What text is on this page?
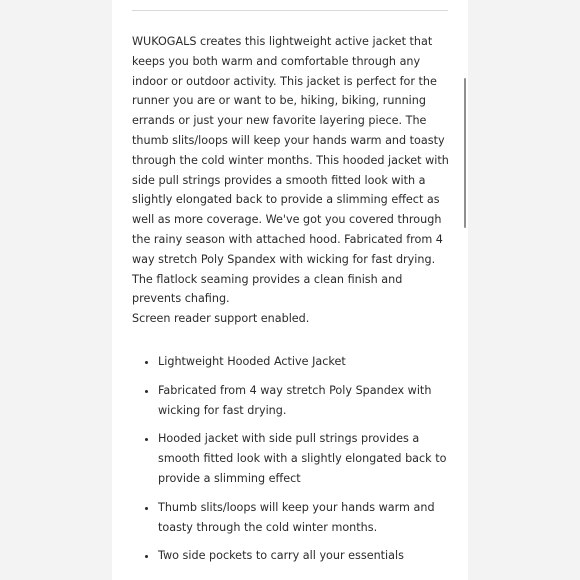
WUKOGALS creates this lightweight active jacket that keeps you both warm and comfortable through any indoor or outdoor activity. This jacket is perfect for the runner you are or want to be, hiking, biking, running errands or just your new favorite layering piece. The thumb slits/loops will keep your hands warm and toasty through the cold winter months. This hooded jacket with side pull strings provides a smooth fitted look with a slightly elongated back to provide a slimming effect as well as more coverage. We've got you covered through the rainy season with attached hood. Fabricated from 4 way stretch Poly Spandex with wicking for fast drying. The flatlock seaming provides a clean finish and prevents chafing.
Screen reader support enabled.

• Lightweight Hooded Active Jacket
• Fabricated from 4 way stretch Poly Spandex with wicking for fast drying.
• Hooded jacket with side pull strings provides a smooth fitted look with a slightly elongated back to provide a slimming effect
• Thumb slits/loops will keep your hands warm and toasty through the cold winter months.
• Two side pockets to carry all your essentials
